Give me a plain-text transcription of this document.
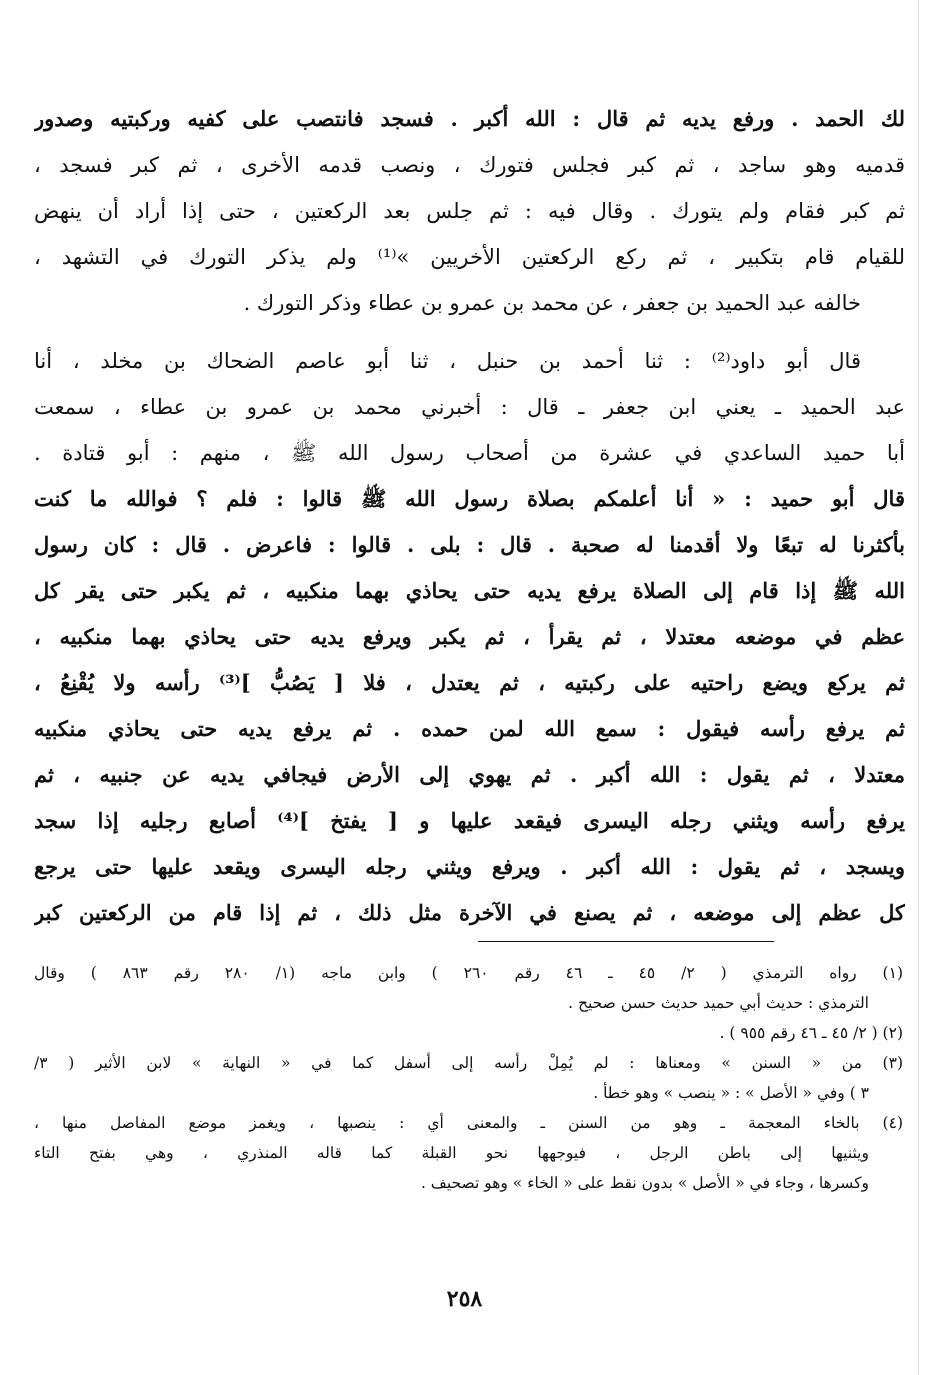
لك الحمد . ورفع يديه ثم قال : الله أكبر . فسجد فانتصب على كفيه وركبتيه وصدور
قدميه وهو ساجد ، ثم كبر فجلس فتورك ، ونصب قدمه الأخرى ، ثم كبر فسجد ،
ثم كبر فقام ولم يتورك . وقال فيه : ثم جلس بعد الركعتين ، حتى إذا أراد أن ينهض
للقيام قام بتكبير ، ثم ركع الركعتين الأخريين »⁽¹⁾ ولم يذكر التورك في التشهد ،
خالفه عبد الحميد بن جعفر ، عن محمد بن عمرو بن عطاء وذكر التورك .
قال أبو داود⁽²⁾ : ثنا أحمد بن حنبل ، ثنا أبو عاصم الضحاك بن مخلد ، أنا
عبد الحميد ـ يعني ابن جعفر ـ قال : أخبرني محمد بن عمرو بن عطاء ، سمعت
أبا حميد الساعدي في عشرة من أصحاب رسول الله ﷺ ، منهم : أبو قتادة .
قال أبو حميد : « أنا أعلمكم بصلاة رسول الله ﷺ قالوا : فلم ؟ فوالله ما كنت
بأكثرنا له تبعًا ولا أقدمنا له صحبة . قال : بلى . قالوا : فاعرض . قال : كان رسول
الله ﷺ إذا قام إلى الصلاة يرفع يديه حتى يحاذي بهما منكبيه ، ثم يكبر حتى يقر كل
عظم في موضعه معتدلا ، ثم يقرأ ، ثم يكبر ويرفع يديه حتى يحاذي بهما منكبيه ،
ثم يركع ويضع راحتيه على ركبتيه ، ثم يعتدل ، فلا [ يَصُبُّ ]⁽³⁾ رأسه ولا يُقْنِعُ ،
ثم يرفع رأسه فيقول : سمع الله لمن حمده . ثم يرفع يديه حتى يحاذي منكبيه
معتدلا ، ثم يقول : الله أكبر . ثم يهوي إلى الأرض فيجافي يديه عن جنبيه ، ثم
يرفع رأسه ويثني رجله اليسرى فيقعد عليها و [ يفتخ ]⁽⁴⁾ أصابع رجليه إذا سجد
ويسجد ، ثم يقول : الله أكبر . ويرفع ويثني رجله اليسرى ويقعد عليها حتى يرجع
كل عظم إلى موضعه ، ثم يصنع في الآخرة مثل ذلك ، ثم إذا قام من الركعتين كبر
(١) رواه الترمذي ( ٢/ ٤٥ ـ ٤٦ رقم ٢٦٠ ) وابن ماجه (١/ ٢٨٠ رقم ٨٦٣ ) وقال
الترمذي : حديث أبي حميد حديث حسن صحيح .
(٢) ( ٢/ ٤٥ ـ ٤٦ رقم ٩٥٥ ) .
(٣) من « السنن » ومعناها : لم يُمِلْ رأسه إلى أسفل كما في « النهاية » لابن الأثير ( ٣/
٣ ) وفي « الأصل » : « ينصب » وهو خطأ .
(٤) بالخاء المعجمة ـ وهو من السنن ـ والمعنى أي : ينصبها ، ويغمز موضع المفاصل منها ،
ويثنيها إلى باطن الرجل ، فيوجهها نحو القبلة كما قاله المنذري ، وهي بفتح التاء
وكسرها ، وجاء في « الأصل » بدون نقط على « الخاء » وهو تصحيف .
٢٥٨
